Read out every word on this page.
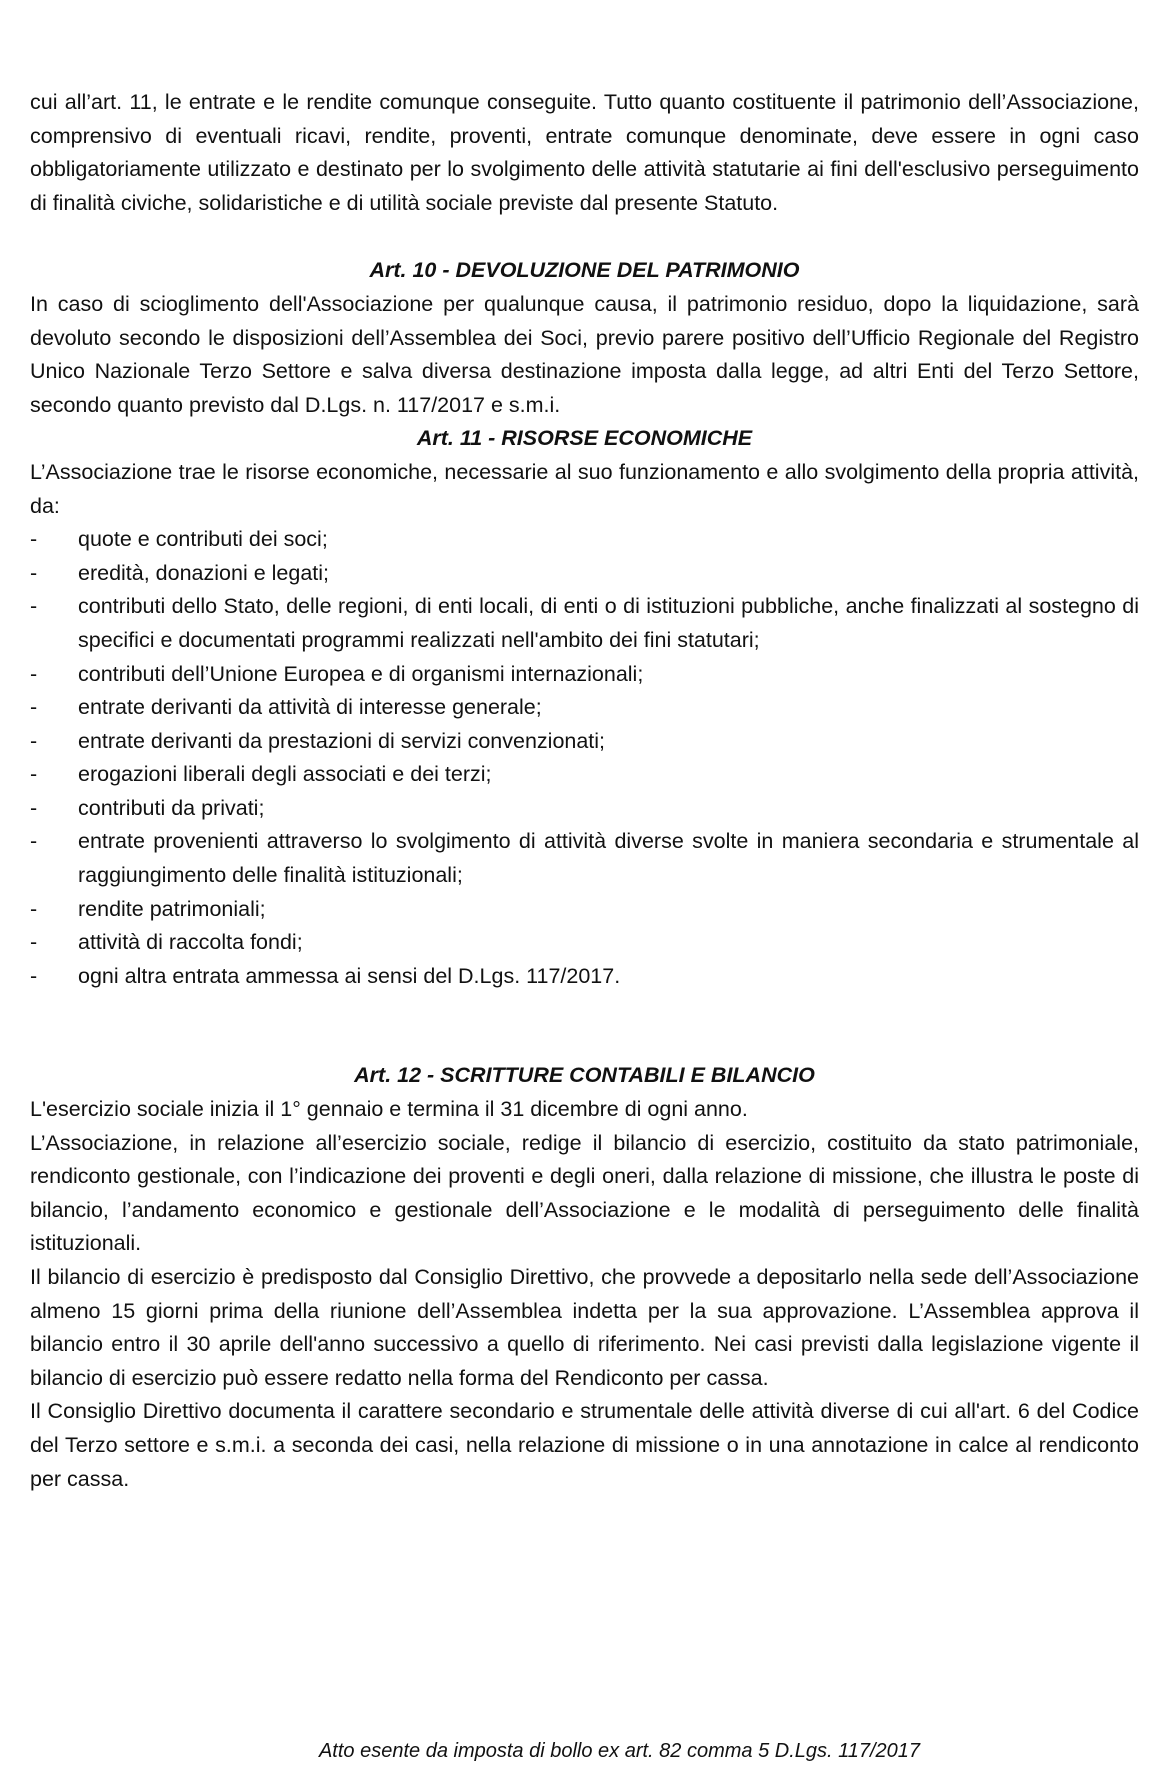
cui all’art. 11, le entrate e le rendite comunque conseguite. Tutto quanto costituente il patrimonio dell’Associazione, comprensivo di eventuali ricavi, rendite, proventi, entrate comunque denominate, deve essere in ogni caso obbligatoriamente utilizzato e destinato per lo svolgimento delle attività statutarie ai fini dell'esclusivo perseguimento di finalità civiche, solidaristiche e di utilità sociale previste dal presente Statuto.

Art. 10 - DEVOLUZIONE DEL PATRIMONIO

In caso di scioglimento dell'Associazione per qualunque causa, il patrimonio residuo, dopo la liquidazione, sarà devoluto secondo le disposizioni dell’Assemblea dei Soci, previo parere positivo dell’Ufficio Regionale del Registro Unico Nazionale Terzo Settore e salva diversa destinazione imposta dalla legge, ad altri Enti del Terzo Settore, secondo quanto previsto dal D.Lgs. n. 117/2017 e s.m.i.

Art. 11 - RISORSE ECONOMICHE

L’Associazione trae le risorse economiche, necessarie al suo funzionamento e allo svolgimento della propria attività, da:

-	quote e contributi dei soci;
-	eredità, donazioni e legati;
-	contributi dello Stato, delle regioni, di enti locali, di enti o di istituzioni pubbliche, anche finalizzati al sostegno di specifici e documentati programmi realizzati nell'ambito dei fini statutari;
-	contributi dell’Unione Europea e di organismi internazionali;
-	entrate derivanti da attività di interesse generale;
-	entrate derivanti da prestazioni di servizi convenzionati;
-	erogazioni liberali degli associati e dei terzi;
-	contributi da privati;
-	entrate provenienti attraverso lo svolgimento di attività diverse svolte in maniera secondaria e strumentale al raggiungimento delle finalità istituzionali;
-	rendite patrimoniali;
-	attività di raccolta fondi;
-	ogni altra entrata ammessa ai sensi del D.Lgs. 117/2017.
Art. 12 - SCRITTURE CONTABILI E BILANCIO

L'esercizio sociale inizia il 1° gennaio e termina il 31 dicembre di ogni anno.

L’Associazione, in relazione all’esercizio sociale, redige il bilancio di esercizio, costituito da stato patrimoniale, rendiconto gestionale, con l’indicazione dei proventi e degli oneri, dalla relazione di missione, che illustra le poste di bilancio, l’andamento economico e gestionale dell’Associazione e le modalità di perseguimento delle finalità istituzionali.

Il bilancio di esercizio è predisposto dal Consiglio Direttivo, che provvede a depositarlo nella sede dell’Associazione almeno 15 giorni prima della riunione dell’Assemblea indetta per la sua approvazione. L’Assemblea approva il bilancio entro il 30 aprile dell'anno successivo a quello di riferimento. Nei casi previsti dalla legislazione vigente il bilancio di esercizio può essere redatto nella forma del Rendiconto per cassa.

Il Consiglio Direttivo documenta il carattere secondario e strumentale delle attività diverse di cui all'art. 6 del Codice del Terzo settore e s.m.i. a seconda dei casi, nella relazione di missione o in una annotazione in calce al rendiconto per cassa.

Atto esente da imposta di bollo ex art. 82 comma 5 D.Lgs. 117/2017
